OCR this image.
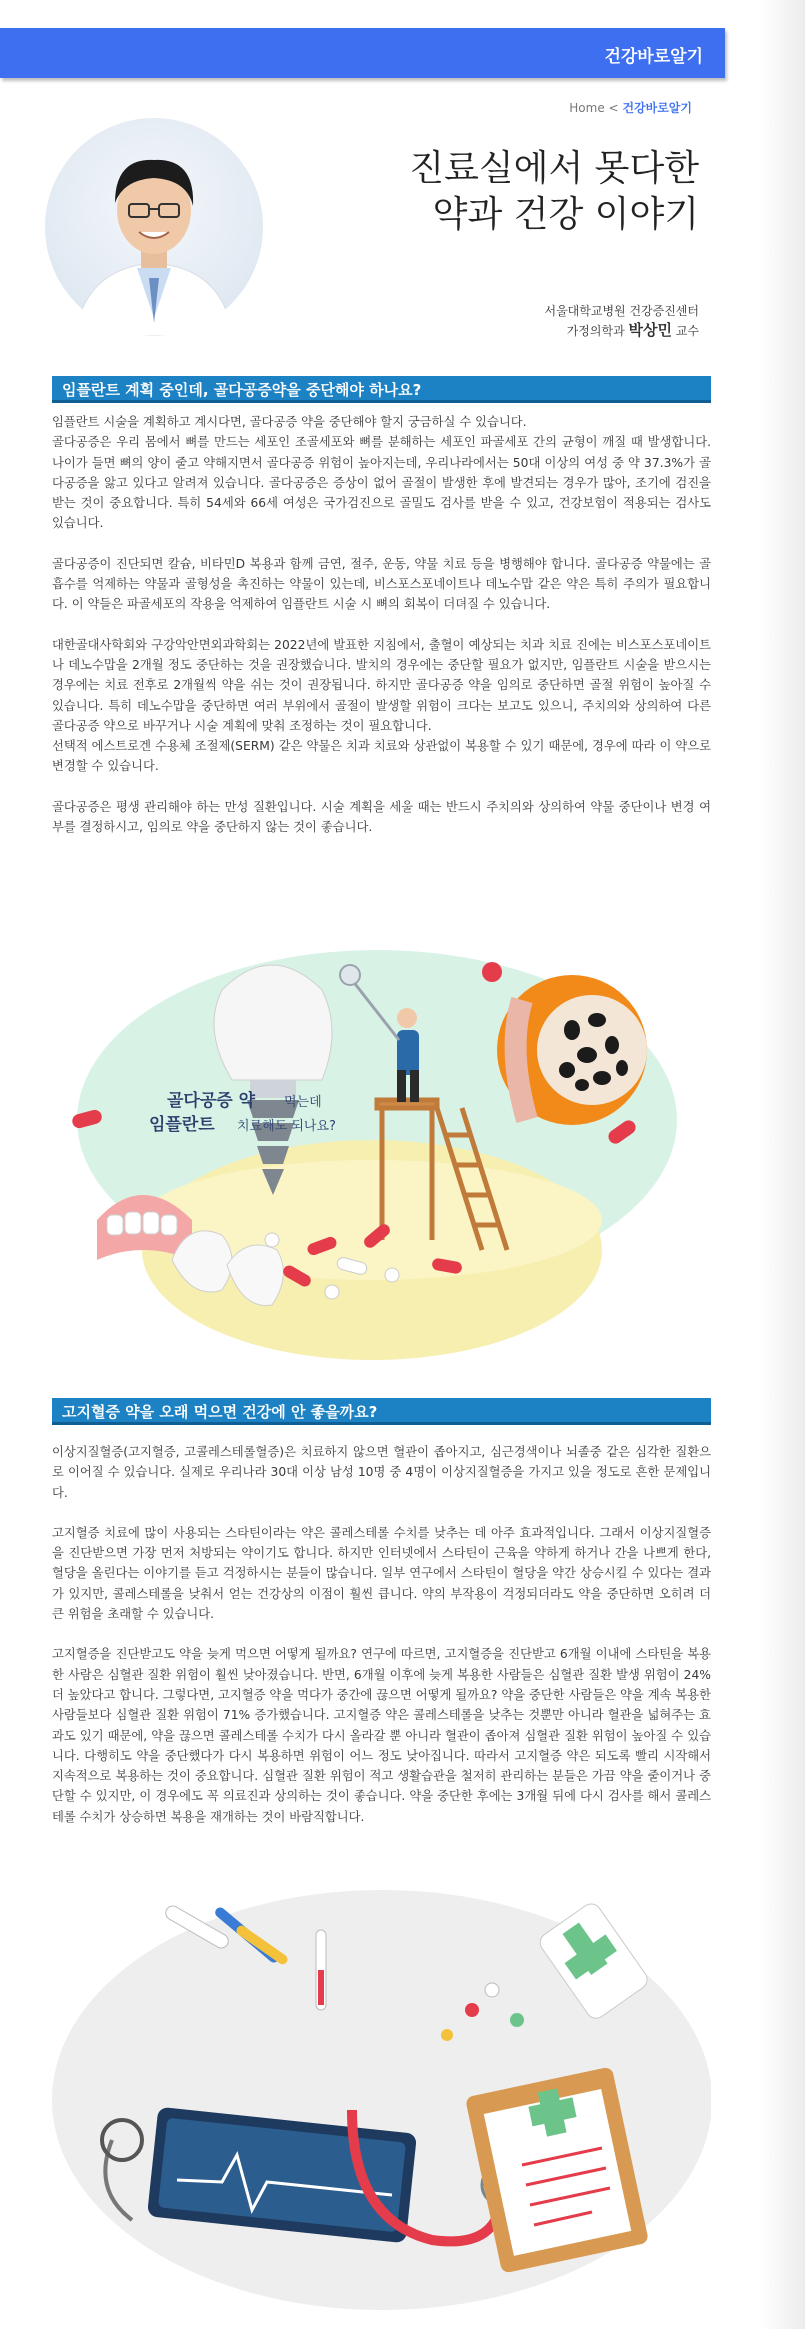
건강바로알기
Home < 건강바로알기
진료실에서 못다한
약과 건강 이야기
서울대학교병원 건강증진센터
가정의학과 박상민 교수
임플란트 계획 중인데, 골다공증약을 중단해야 하나요?

임플란트 시술을 계획하고 계시다면, 골다공증 약을 중단해야 할지 궁금하실 수 있습니다.

골다공증은 우리 몸에서 뼈를 만드는 세포인 조골세포와 뼈를 분해하는 세포인 파골세포 간의 균형이 깨질 때 발생합니다. 나이가 들면 뼈의 양이 줄고 약해지면서 골다공증 위험이 높아지는데, 우리나라에서는 50대 이상의 여성 중 약 37.3%가 골다공증을 앓고 있다고 알려져 있습니다. 골다공증은 증상이 없어 골절이 발생한 후에 발견되는 경우가 많아, 조기에 검진을 받는 것이 중요합니다. 특히 54세와 66세 여성은 국가검진으로 골밀도 검사를 받을 수 있고, 건강보험이 적용되는 검사도 있습니다.

골다공증이 진단되면 칼슘, 비타민D 복용과 함께 금연, 절주, 운동, 약물 치료 등을 병행해야 합니다. 골다공증 약물에는 골흡수를 억제하는 약물과 골형성을 촉진하는 약물이 있는데, 비스포스포네이트나 데노수맙 같은 약은 특히 주의가 필요합니다. 이 약들은 파골세포의 작용을 억제하여 임플란트 시술 시 뼈의 회복이 더뎌질 수 있습니다.

대한골대사학회와 구강악안면외과학회는 2022년에 발표한 지침에서, 출혈이 예상되는 치과 치료 진에는 비스포스포네이트나 데노수맙을 2개월 정도 중단하는 것을 권장했습니다. 발치의 경우에는 중단할 필요가 없지만, 임플란트 시술을 받으시는 경우에는 치료 전후로 2개월씩 약을 쉬는 것이 권장됩니다. 하지만 골다공증 약을 임의로 중단하면 골절 위험이 높아질 수 있습니다. 특히 데노수맙을 중단하면 여러 부위에서 골절이 발생할 위험이 크다는 보고도 있으니, 주치의와 상의하여 다른 골다공증 약으로 바꾸거나 시술 계획에 맞춰 조정하는 것이 필요합니다.
선택적 에스트로겐 수용체 조절제(SERM) 같은 약물은 치과 치료와 상관없이 복용할 수 있기 때문에, 경우에 따라 이 약으로 변경할 수 있습니다.

골다공증은 평생 관리해야 하는 만성 질환입니다. 시술 계획을 세울 때는 반드시 주치의와 상의하여 약물 중단이나 변경 여부를 결정하시고, 임의로 약을 중단하지 않는 것이 좋습니다.

골다공증 약 먹는데
임플란트 치료해도 되나요?
고지혈증 약을 오래 먹으면 건강에 안 좋을까요?

이상지질혈증(고지혈증, 고콜레스테롤혈증)은 치료하지 않으면 혈관이 좁아지고, 심근경색이나 뇌졸중 같은 심각한 질환으로 이어질 수 있습니다. 실제로 우리나라 30대 이상 남성 10명 중 4명이 이상지질혈증을 가지고 있을 정도로 흔한 문제입니다.

고지혈증 치료에 많이 사용되는 스타틴이라는 약은 콜레스테롤 수치를 낮추는 데 아주 효과적입니다. 그래서 이상지질혈증을 진단받으면 가장 먼저 처방되는 약이기도 합니다. 하지만 인터넷에서 스타틴이 근육을 약하게 하거나 간을 나쁘게 한다, 혈당을 올린다는 이야기를 듣고 걱정하시는 분들이 많습니다. 일부 연구에서 스타틴이 혈당을 약간 상승시킬 수 있다는 결과가 있지만, 콜레스테롤을 낮춰서 얻는 건강상의 이점이 훨씬 큽니다. 약의 부작용이 걱정되더라도 약을 중단하면 오히려 더 큰 위험을 초래할 수 있습니다.

고지혈증을 진단받고도 약을 늦게 먹으면 어떻게 될까요? 연구에 따르면, 고지혈증을 진단받고 6개월 이내에 스타틴을 복용한 사람은 심혈관 질환 위험이 훨씬 낮아졌습니다. 반면, 6개월 이후에 늦게 복용한 사람들은 심혈관 질환 발생 위험이 24% 더 높았다고 합니다. 그렇다면, 고지혈증 약을 먹다가 중간에 끊으면 어떻게 될까요? 약을 중단한 사람들은 약을 계속 복용한 사람들보다 심혈관 질환 위험이 71% 증가했습니다. 고지혈증 약은 콜레스테롤을 낮추는 것뿐만 아니라 혈관을 넓혀주는 효과도 있기 때문에, 약을 끊으면 콜레스테롤 수치가 다시 올라갈 뿐 아니라 혈관이 좁아져 심혈관 질환 위험이 높아질 수 있습니다. 다행히도 약을 중단했다가 다시 복용하면 위험이 어느 정도 낮아집니다. 따라서 고지혈증 약은 되도록 빨리 시작해서 지속적으로 복용하는 것이 중요합니다. 심혈관 질환 위험이 적고 생활습관을 철저히 관리하는 분들은 가끔 약을 줄이거나 중단할 수 있지만, 이 경우에도 꼭 의료진과 상의하는 것이 좋습니다. 약을 중단한 후에는 3개월 뒤에 다시 검사를 해서 콜레스테롤 수치가 상승하면 복용을 재개하는 것이 바람직합니다.
